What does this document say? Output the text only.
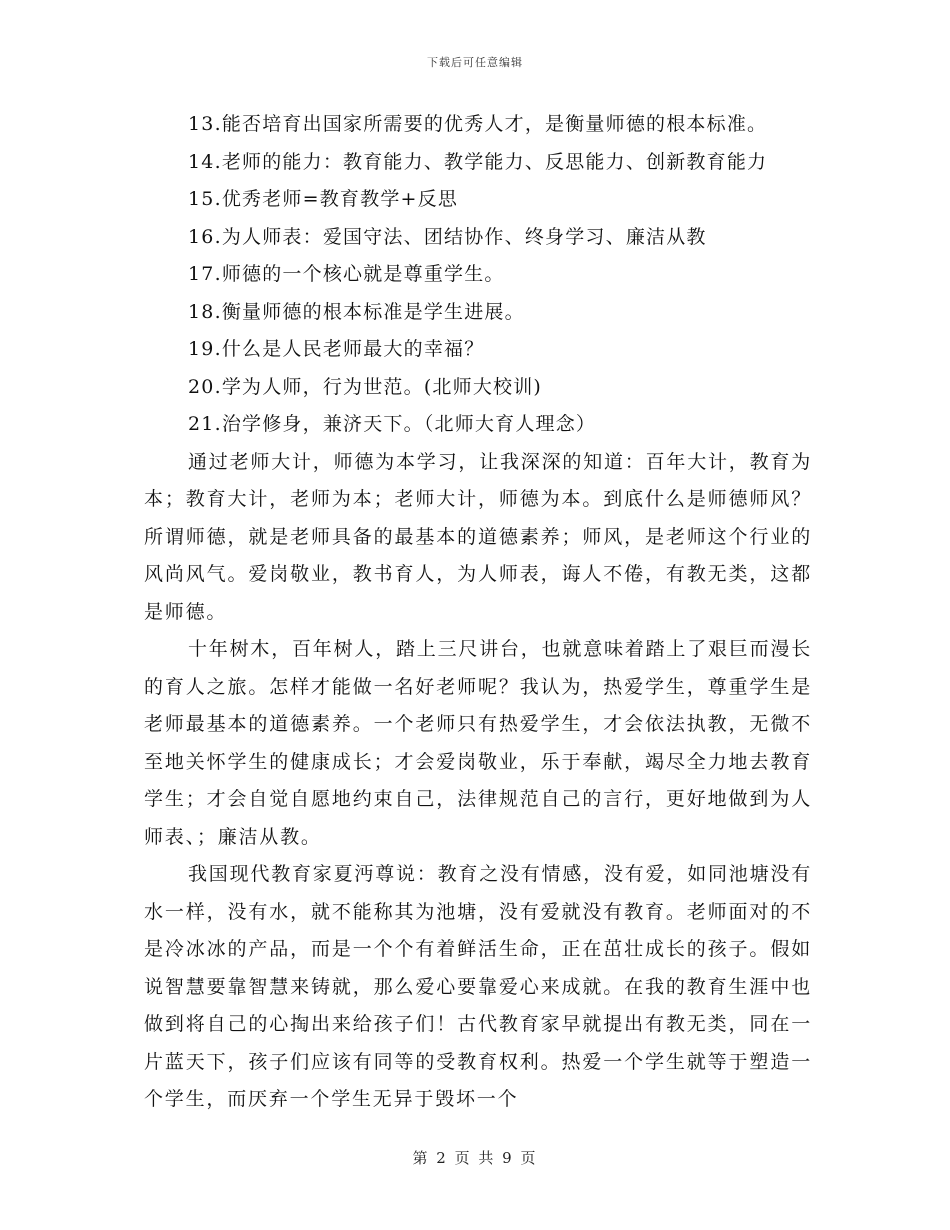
下载后可任意编辑
13.能否培育出国家所需要的优秀人才，是衡量师德的根本标准。
14.老师的能力：教育能力、教学能力、反思能力、创新教育能力
15.优秀老师=教育教学+反思
16.为人师表：爱国守法、团结协作、终身学习、廉洁从教
17.师德的一个核心就是尊重学生。
18.衡量师德的根本标准是学生进展。
19.什么是人民老师最大的幸福？
20.学为人师，行为世范。(北师大校训)
21.治学修身，兼济天下。（北师大育人理念）

通过老师大计，师德为本学习，让我深深的知道：百年大计，教育为本；教育大计，老师为本；老师大计，师德为本。到底什么是师德师风？所谓师德，就是老师具备的最基本的道德素养；师风，是老师这个行业的风尚风气。爱岗敬业，教书育人，为人师表，诲人不倦，有教无类，这都是师德。

十年树木，百年树人，踏上三尺讲台，也就意味着踏上了艰巨而漫长的育人之旅。怎样才能做一名好老师呢？我认为，热爱学生，尊重学生是老师最基本的道德素养。一个老师只有热爱学生，才会依法执教，无微不至地关怀学生的健康成长；才会爱岗敬业，乐于奉献，竭尽全力地去教育学生；才会自觉自愿地约束自己，法律规范自己的言行，更好地做到为人师表、；廉洁从教。

我国现代教育家夏沔尊说：教育之没有情感，没有爱，如同池塘没有水一样，没有水，就不能称其为池塘，没有爱就没有教育。老师面对的不是冷冰冰的产品，而是一个个有着鲜活生命，正在茁壮成长的孩子。假如说智慧要靠智慧来铸就，那么爱心要靠爱心来成就。在我的教育生涯中也做到将自己的心掏出来给孩子们！古代教育家早就提出有教无类，同在一片蓝天下，孩子们应该有同等的受教育权利。热爱一个学生就等于塑造一个学生，而厌弃一个学生无异于毁坏一个

第 2 页 共 9 页
